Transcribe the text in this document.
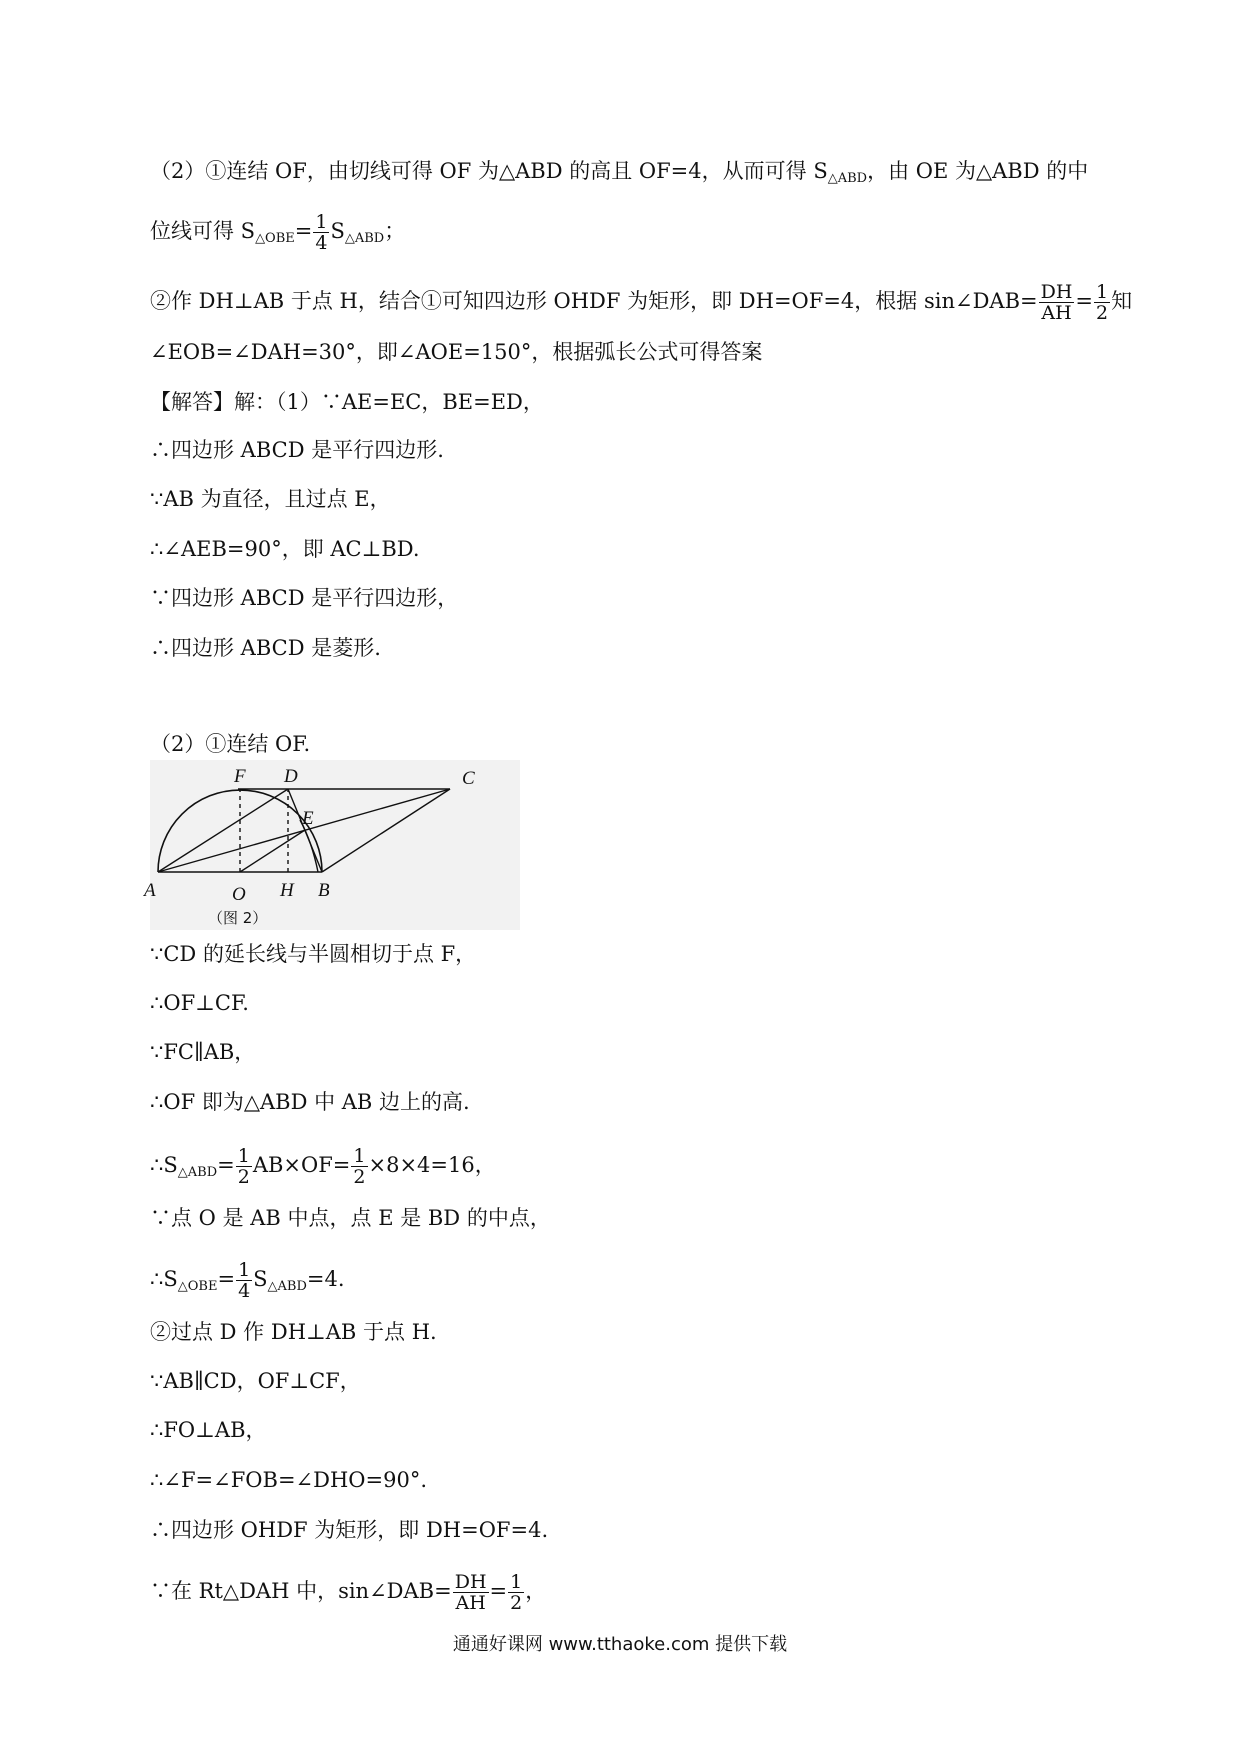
（2）①连结 OF，由切线可得 OF 为△ABD 的高且 OF=4，从而可得 $S_{\triangle ABD}$，由 OE 为△ABD 的中
位线可得 $S_{\triangle OBE}= \frac{1}{4} S_{\triangle ABD}$；
②作 DH⊥AB 于点 H，结合①可知四边形 OHDF 为矩形，即 DH=OF=4，根据 sin∠DAB= $\frac{DH}{AH} = \frac{1}{2}$ 知
∠EOB=∠DAH=30°，即∠AOE=150°，根据弧长公式可得答案
【解答】解：（1）∵AE=EC，BE=ED，
∴四边形 ABCD 是平行四边形.
∵AB 为直径，且过点 E，
∴∠AEB=90°，即 AC⊥BD.
∵四边形 ABCD 是平行四边形，
∴四边形 ABCD 是菱形.
（2）①连结 OF.
A	O H B
F D	C
E
（图 2）
∵CD 的延长线与半圆相切于点 F，
∴OF⊥CF.
∵FC∥AB，
∴OF 即为△ABD 中 AB 边上的高.
$\therefore S_{\triangle ABD}= \frac{1}{2} AB\times OF= \frac{1}{2} \times 8\times 4=16$，
∵点 O 是 AB 中点，点 E 是 BD 的中点，
$\therefore S_{\triangle OBE}= \frac{1}{4} S_{\triangle ABD}=4$.
②过点 D 作 DH⊥AB 于点 H.
∵AB∥CD，OF⊥CF，
∴FO⊥AB，
∴∠F=∠FOB=∠DHO=90°.
∴四边形 OHDF 为矩形，即 DH=OF=4.
∵在 Rt△DAH 中，sin∠DAB= $\frac{DH}{AH} = \frac{1}{2}$ ，
通通好课网 www.tthaoke.com 提供下载
